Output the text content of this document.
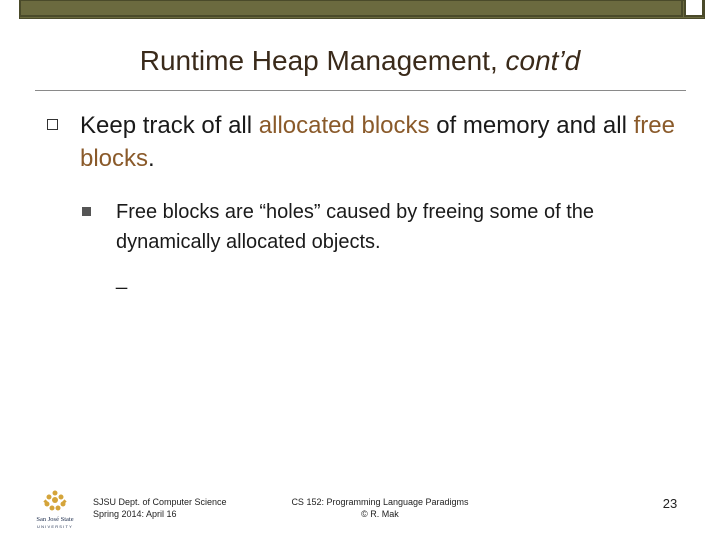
Runtime Heap Management, cont’d
Keep track of all allocated blocks of memory and all free blocks.
Free blocks are “holes” caused by freeing some of the dynamically allocated objects.
_
San José State
UNIVERSITY
SJSU Dept. of Computer Science
Spring 2014: April 16
CS 152: Programming Language Paradigms
© R. Mak
23
